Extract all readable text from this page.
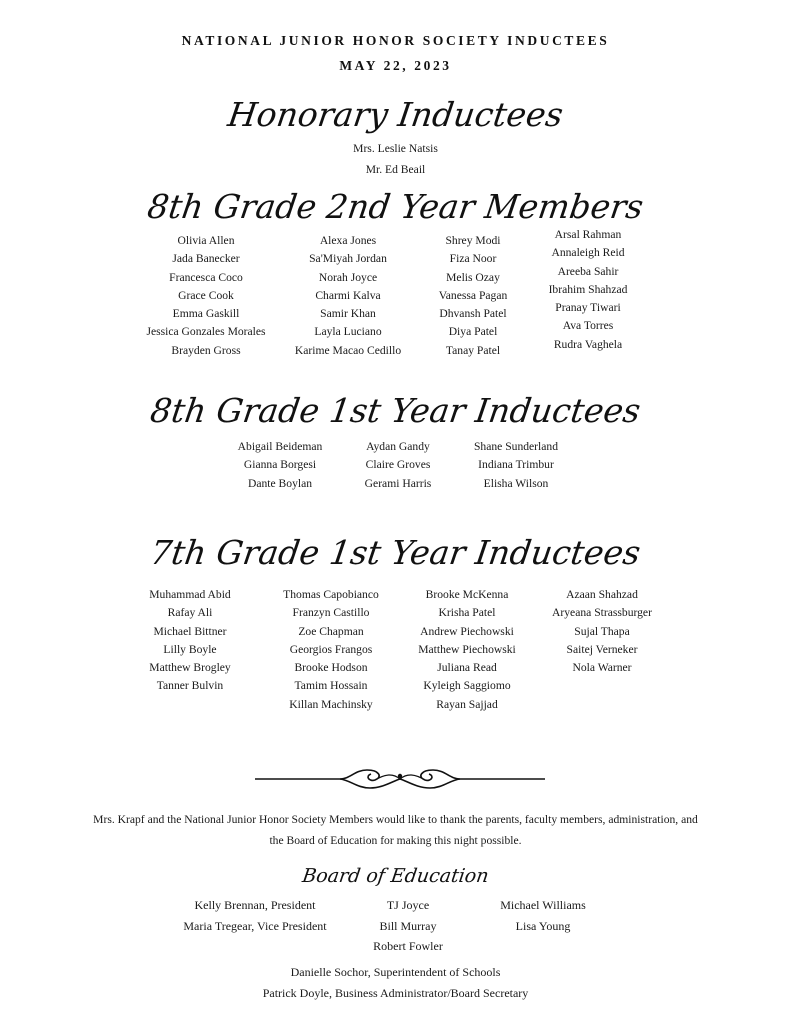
NATIONAL JUNIOR HONOR SOCIETY INDUCTEES
MAY 22, 2023
Honorary Inductees
Mrs. Leslie Natsis
Mr. Ed Beail
8th Grade 2nd Year Members
Olivia Allen
Jada Banecker
Francesca Coco
Grace Cook
Emma Gaskill
Jessica Gonzales Morales
Brayden Gross
Alexa Jones
Sa'Miyah Jordan
Norah Joyce
Charmi Kalva
Samir Khan
Layla Luciano
Karime Macao Cedillo
Shrey Modi
Fiza Noor
Melis Ozay
Vanessa Pagan
Dhvansh Patel
Diya Patel
Tanay Patel
Arsal Rahman
Annaleigh Reid
Areeba Sahir
Ibrahim Shahzad
Pranay Tiwari
Ava Torres
Rudra Vaghela
8th Grade 1st Year Inductees
Abigail Beideman
Gianna Borgesi
Dante Boylan
Aydan Gandy
Claire Groves
Gerami Harris
Shane Sunderland
Indiana Trimbur
Elisha Wilson
7th Grade 1st Year Inductees
Muhammad Abid
Rafay Ali
Michael Bittner
Lilly Boyle
Matthew Brogley
Tanner Bulvin
Thomas Capobianco
Franzyn Castillo
Zoe Chapman
Georgios Frangos
Brooke Hodson
Tamim Hossain
Killan Machinsky
Brooke McKenna
Krisha Patel
Andrew Piechowski
Matthew Piechowski
Juliana Read
Kyleigh Saggiomo
Rayan Sajjad
Azaan Shahzad
Aryeana Strassburger
Sujal Thapa
Saitej Verneker
Nola Warner
Mrs. Krapf and the National Junior Honor Society Members would like to thank the parents, faculty members, administration, and the Board of Education for making this night possible.
Board of Education
Kelly Brennan, President
Maria Tregear, Vice President
TJ Joyce
Bill Murray
Robert Fowler
Michael Williams
Lisa Young
Danielle Sochor, Superintendent of Schools
Patrick Doyle, Business Administrator/Board Secretary
